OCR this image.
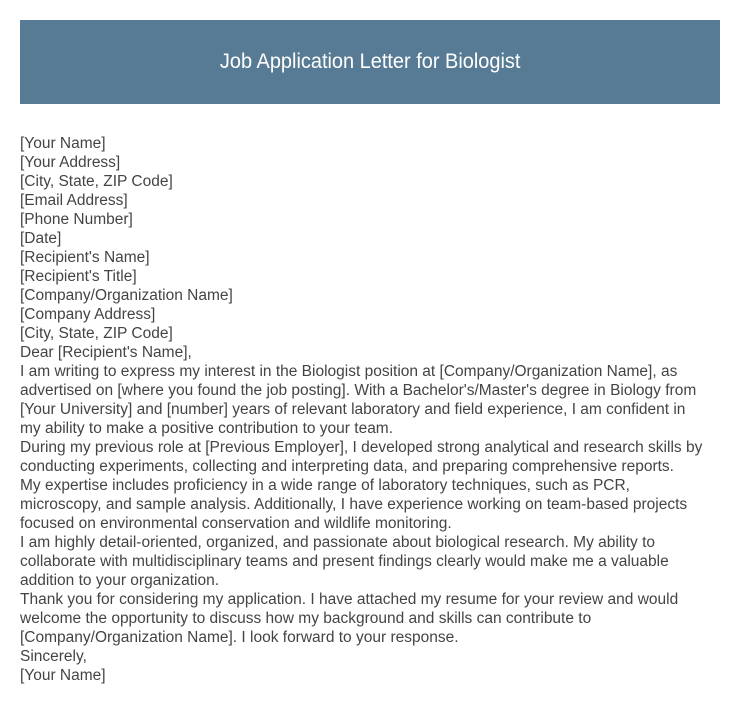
Job Application Letter for Biologist
[Your Name]
[Your Address]
[City, State, ZIP Code]
[Email Address]
[Phone Number]
[Date]
[Recipient's Name]
[Recipient's Title]
[Company/Organization Name]
[Company Address]
[City, State, ZIP Code]
Dear [Recipient's Name],
I am writing to express my interest in the Biologist position at [Company/Organization Name], as
advertised on [where you found the job posting]. With a Bachelor's/Master's degree in Biology from
[Your University] and [number] years of relevant laboratory and field experience, I am confident in
my ability to make a positive contribution to your team.
During my previous role at [Previous Employer], I developed strong analytical and research skills by
conducting experiments, collecting and interpreting data, and preparing comprehensive reports.
My expertise includes proficiency in a wide range of laboratory techniques, such as PCR,
microscopy, and sample analysis. Additionally, I have experience working on team-based projects
focused on environmental conservation and wildlife monitoring.
I am highly detail-oriented, organized, and passionate about biological research. My ability to
collaborate with multidisciplinary teams and present findings clearly would make me a valuable
addition to your organization.
Thank you for considering my application. I have attached my resume for your review and would
welcome the opportunity to discuss how my background and skills can contribute to
[Company/Organization Name]. I look forward to your response.
Sincerely,
[Your Name]
